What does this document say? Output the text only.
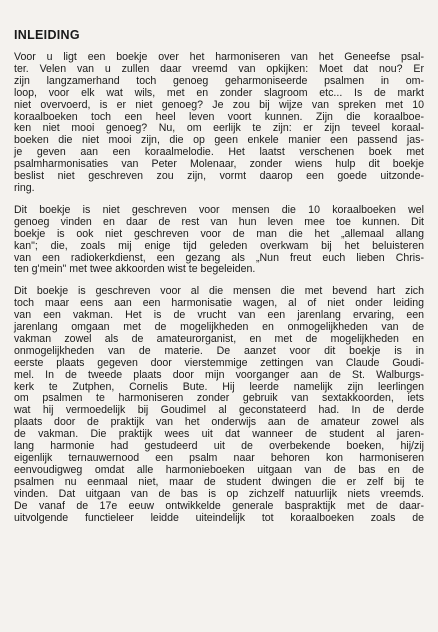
INLEIDING
Voor u ligt een boekje over het harmoniseren van het Geneefse psal-
ter. Velen van u zullen daar vreemd van opkijken: Moet dat nou? Er
zijn langzamerhand toch genoeg geharmoniseerde psalmen in om-
loop, voor elk wat wils, met en zonder slagroom etc... Is de markt
niet overvoerd, is er niet genoeg? Je zou bij wijze van spreken met 10
koraalboeken toch een heel leven voort kunnen. Zijn die koraalboe-
ken niet mooi genoeg? Nu, om eerlijk te zijn: er zijn teveel koraal-
boeken die niet mooi zijn, die op geen enkele manier een passend jas-
je geven aan een koraalmelodie. Het laatst verschenen boek met
psalmharmonisaties van Peter Molenaar, zonder wiens hulp dit boekje
beslist niet geschreven zou zijn, vormt daarop een goede uitzonde-
ring.
Dit boekje is niet geschreven voor mensen die 10 koraalboeken wel
genoeg vinden en daar de rest van hun leven mee toe kunnen. Dit
boekje is ook niet geschreven voor de man die het „allemaal allang
kan"; die, zoals mij enige tijd geleden overkwam bij het beluisteren
van een radiokerkdienst, een gezang als „Nun freut euch lieben Chris-
ten g'mein" met twee akkoorden wist te begeleiden.
Dit boekje is geschreven voor al die mensen die met bevend hart zich
toch maar eens aan een harmonisatie wagen, al of niet onder leiding
van een vakman. Het is de vrucht van een jarenlang ervaring, een
jarenlang omgaan met de mogelijkheden en onmogelijkheden van de
vakman zowel als de amateurorganist, en met de mogelijkheden en
onmogelijkheden van de materie. De aanzet voor dit boekje is in
eerste plaats gegeven door vierstemmige zettingen van Claude Goudi-
mel. In de tweede plaats door mijn voorganger aan de St. Walburgs-
kerk te Zutphen, Cornelis Bute. Hij leerde namelijk zijn leerlingen
om psalmen te harmoniseren zonder gebruik van sextakkoorden, iets
wat hij vermoedelijk bij Goudimel al geconstateerd had. In de derde
plaats door de praktijk van het onderwijs aan de amateur zowel als
de vakman. Die praktijk wees uit dat wanneer de student al jaren-
lang harmonie had gestudeerd uit de overbekende boeken, hij/zij
eigenlijk ternauwernood een psalm naar behoren kon harmoniseren
eenvoudigweg omdat alle harmonieboeken uitgaan van de bas en de
psalmen nu eenmaal niet, maar de student dwingen die er zelf bij te
vinden. Dat uitgaan van de bas is op zichzelf natuurlijk niets vreemds.
De vanaf de 17e eeuw ontwikkelde generale baspraktijk met de daar-
uitvolgende functieleer leidde uiteindelijk tot koraalboeken zoals de
